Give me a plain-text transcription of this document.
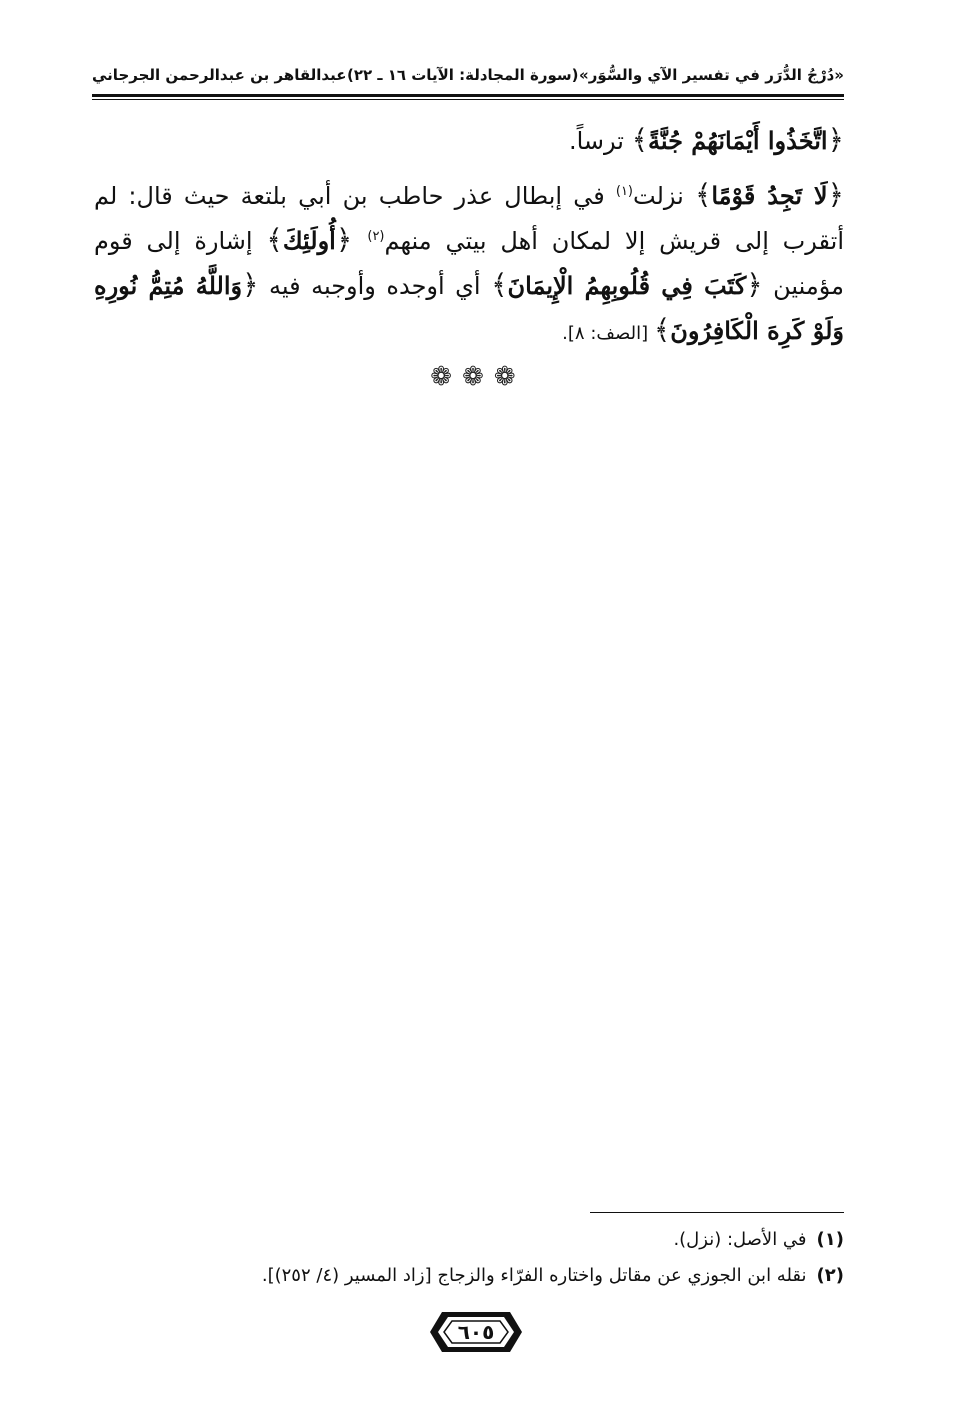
«دُرْجُ الدُّرَر في تفسير الآي والسُّوَر»
(سورة المجادلة: الآيات ١٦ ـ ٢٢)
عبدالقاهر بن عبدالرحمن الجرجاني

﴿اتَّخَذُوا أَيْمَانَهُمْ جُنَّةً﴾ ترساً.

﴿لَا تَجِدُ قَوْمًا﴾ نزلت$^{(١)}$ في إبطال عذر حاطب بن أبي بلتعة حيث قال: لم أتقرب إلى قريش إلا لمكان أهل بيتي منهم$^{(٢)}$ ﴿أُولَئِكَ﴾ إشارة إلى قوم مؤمنين ﴿كَتَبَ فِي قُلُوبِهِمُ الْإِيمَانَ﴾ أي أوجده وأوجبه فيه ﴿وَاللَّهُ مُتِمُّ نُورِهِ وَلَوْ كَرِهَ الْكَافِرُونَ﴾ [الصف: ٨].

❁❁❁

(١)في الأصل: (نزل).

(٢)نقله ابن الجوزي عن مقاتل واختاره الفرّاء والزجاج [زاد المسير (٤/ ٢٥٢)].

٦٠٥
